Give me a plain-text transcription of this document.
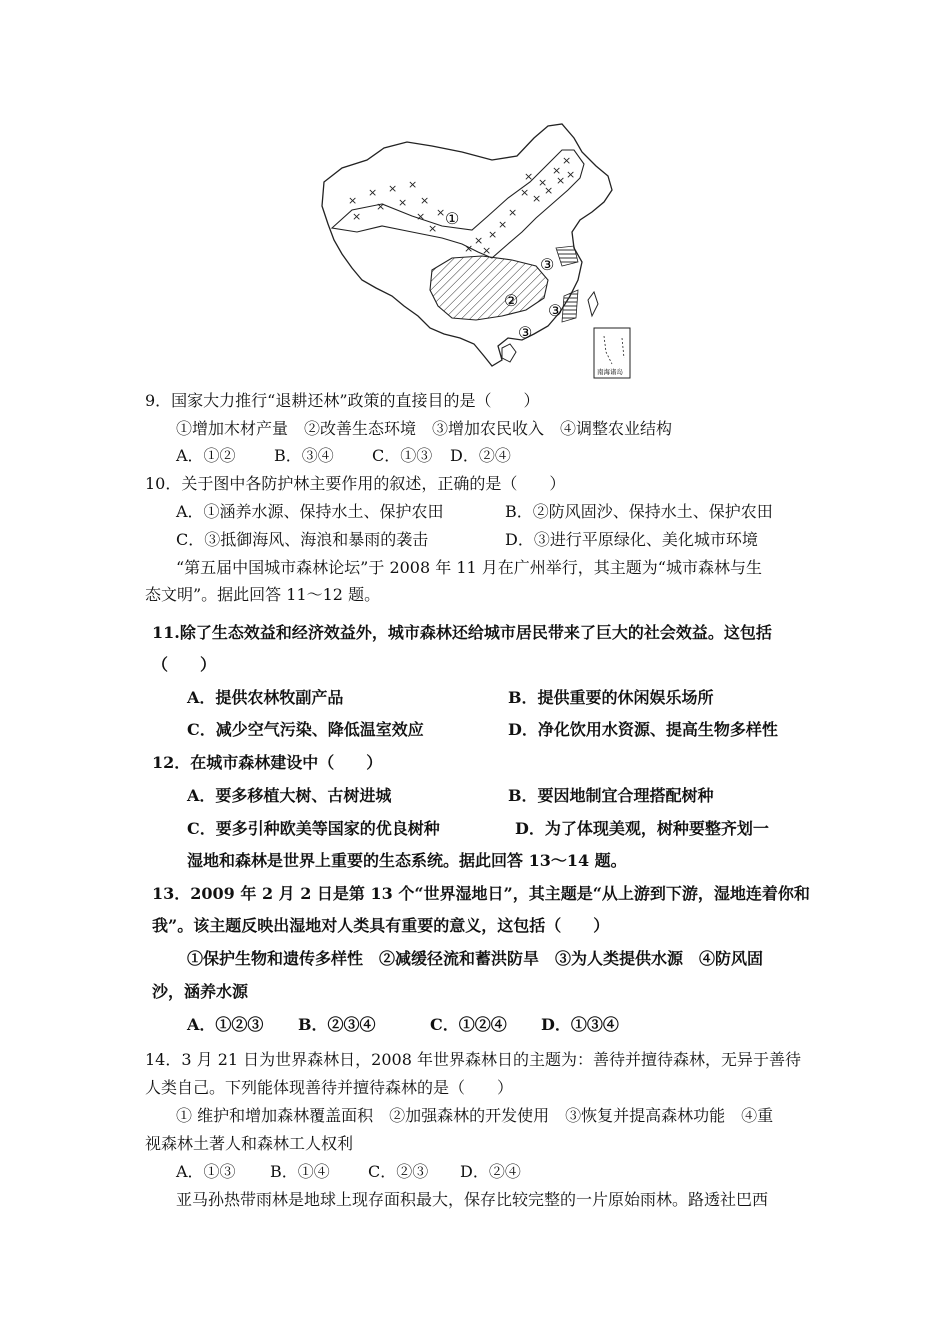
×
× × ×
× × ×
×	×
×
×
× ×
×
×
× ×
×
× ×
× ×
×
×
× ×
①
②
③
③
③
南海诸岛
9．国家大力推行“退耕还林”政策的直接目的是（　　）
①增加木材产量　②改善生态环境　③增加农民收入　④调整农业结构
A．①② B．③④ C．①③ D．②④
10．关于图中各防护林主要作用的叙述，正确的是（　　）
A．①涵养水源、保持水土、保护农田	B．②防风固沙、保持水土、保护农田
C．③抵御海风、海浪和暴雨的袭击	D．③进行平原绿化、美化城市环境
“第五届中国城市森林论坛”于 2008 年 11 月在广州举行，其主题为“城市森林与生
态文明”。据此回答 11～12 题。
11.除了生态效益和经济效益外，城市森林还给城市居民带来了巨大的社会效益。这包括
（　　）
A．提供农林牧副产品	B．提供重要的休闲娱乐场所
C．减少空气污染、降低温室效应	D．净化饮用水资源、提高生物多样性
12．在城市森林建设中（　　）
A．要多移植大树、古树进城	B．要因地制宜合理搭配树种
C．要多引种欧美等国家的优良树种	D．为了体现美观，树种要整齐划一
湿地和森林是世界上重要的生态系统。据此回答 13～14 题。
13．2009 年 2 月 2 日是第 13 个“世界湿地日”，其主题是“从上游到下游，湿地连着你和
我”。该主题反映出湿地对人类具有重要的意义，这包括（　　）
①保护生物和遗传多样性　②减缓径流和蓄洪防旱　③为人类提供水源　④防风固
沙，涵养水源
A．①②③ B．②③④	C．①②④ D．①③④
14．3 月 21 日为世界森林日，2008 年世界森林日的主题为：善待并擅待森林，无异于善待
人类自己。下列能体现善待并擅待森林的是（　　）
① 维护和增加森林覆盖面积　②加强森林的开发使用　③恢复并提高森林功能　④重
视森林土著人和森林工人权利
A．①③ B．①④ C．②③ D．②④
亚马孙热带雨林是地球上现存面积最大，保存比较完整的一片原始雨林。路透社巴西
